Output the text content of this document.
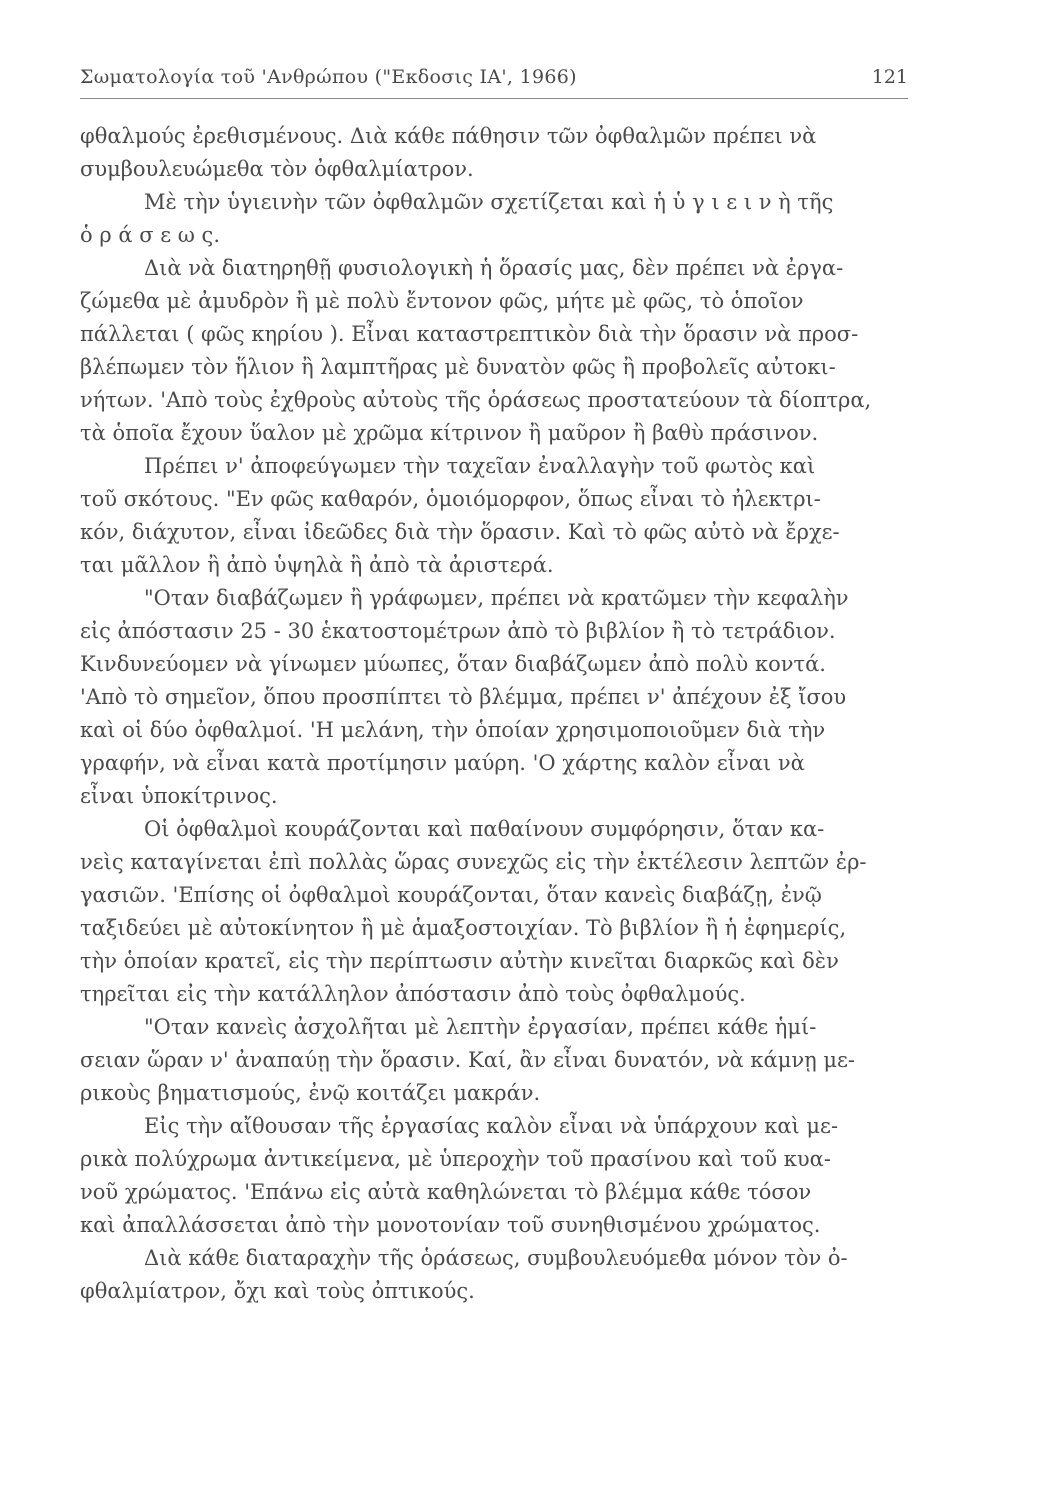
Σωματολογία τοῦ 'Ανθρώπου ("Εκδοσις ΙΑ', 1966)	121
φθαλμούς ἐρεθισμένους. Διὰ κάθε πάθησιν τῶν ὀφθαλμῶν πρέπει νὰ
συμβουλευώμεθα τὸν ὀφθαλμίατρον.
Μὲ τὴν ὑγιεινὴν τῶν ὀφθαλμῶν σχετίζεται καὶ ἡ ὑ γ ι ε ι ν ὴ τῆς
ὁ ρ ά σ ε ω ς.
Διὰ νὰ διατηρηθῇ φυσιολογικὴ ἡ ὅρασίς μας, δὲν πρέπει νὰ ἐργα-
ζώμεθα μὲ ἀμυδρὸν ἢ μὲ πολὺ ἔντονον φῶς, μήτε μὲ φῶς, τὸ ὁποῖον
πάλλεται ( φῶς κηρίου ). Εἶναι καταστρεπτικὸν διὰ τὴν ὅρασιν νὰ προσ-
βλέπωμεν τὸν ἥλιον ἢ λαμπτῆρας μὲ δυνατὸν φῶς ἢ προβολεῖς αὐτοκι-
νήτων. 'Απὸ τοὺς ἐχθροὺς αὐτοὺς τῆς ὁράσεως προστατεύουν τὰ δίοπτρα,
τὰ ὁποῖα ἔχουν ὕαλον μὲ χρῶμα κίτρινον ἢ μαῦρον ἢ βαθὺ πράσινον.
Πρέπει ν' ἀποφεύγωμεν τὴν ταχεῖαν ἐναλλαγὴν τοῦ φωτὸς καὶ
τοῦ σκότους. "Εν φῶς καθαρόν, ὁμοιόμορφον, ὅπως εἶναι τὸ ἠλεκτρι-
κόν, διάχυτον, εἶναι ἰδεῶδες διὰ τὴν ὅρασιν. Καὶ τὸ φῶς αὐτὸ νὰ ἔρχε-
ται μᾶλλον ἢ ἀπὸ ὑψηλὰ ἢ ἀπὸ τὰ ἀριστερά.
"Οταν διαβάζωμεν ἢ γράφωμεν, πρέπει νὰ κρατῶμεν τὴν κεφαλὴν
εἰς ἀπόστασιν 25 - 30 ἑκατοστομέτρων ἀπὸ τὸ βιβλίον ἢ τὸ τετράδιον.
Κινδυνεύομεν νὰ γίνωμεν μύωπες, ὅταν διαβάζωμεν ἀπὸ πολὺ κοντά.
'Απὸ τὸ σημεῖον, ὅπου προσπίπτει τὸ βλέμμα, πρέπει ν' ἀπέχουν ἐξ ἴσου
καὶ οἱ δύο ὀφθαλμοί. 'Η μελάνη, τὴν ὁποίαν χρησιμοποιοῦμεν διὰ τὴν
γραφήν, νὰ εἶναι κατὰ προτίμησιν μαύρη. 'Ο χάρτης καλὸν εἶναι νὰ
εἶναι ὑποκίτρινος.
Οἱ ὀφθαλμοὶ κουράζονται καὶ παθαίνουν συμφόρησιν, ὅταν κα-
νεὶς καταγίνεται ἐπὶ πολλὰς ὥρας συνεχῶς εἰς τὴν ἐκτέλεσιν λεπτῶν ἐρ-
γασιῶν. 'Επίσης οἱ ὀφθαλμοὶ κουράζονται, ὅταν κανεὶς διαβάζῃ, ἐνῷ
ταξιδεύει μὲ αὐτοκίνητον ἢ μὲ ἁμαξοστοιχίαν. Τὸ βιβλίον ἢ ἡ ἐφημερίς,
τὴν ὁποίαν κρατεῖ, εἰς τὴν περίπτωσιν αὐτὴν κινεῖται διαρκῶς καὶ δὲν
τηρεῖται εἰς τὴν κατάλληλον ἀπόστασιν ἀπὸ τοὺς ὀφθαλμούς.
"Οταν κανεὶς ἀσχολῆται μὲ λεπτὴν ἐργασίαν, πρέπει κάθε ἡμί-
σειαν ὥραν ν' ἀναπαύῃ τὴν ὅρασιν. Καί, ἂν εἶναι δυνατόν, νὰ κάμνῃ με-
ρικοὺς βηματισμούς, ἐνῷ κοιτάζει μακράν.
Εἰς τὴν αἴθουσαν τῆς ἐργασίας καλὸν εἶναι νὰ ὑπάρχουν καὶ με-
ρικὰ πολύχρωμα ἀντικείμενα, μὲ ὑπεροχὴν τοῦ πρασίνου καὶ τοῦ κυα-
νοῦ χρώματος. 'Επάνω εἰς αὐτὰ καθηλώνεται τὸ βλέμμα κάθε τόσον
καὶ ἀπαλλάσσεται ἀπὸ τὴν μονοτονίαν τοῦ συνηθισμένου χρώματος.
Διὰ κάθε διαταραχὴν τῆς ὁράσεως, συμβουλευόμεθα μόνον τὸν ὀ-
φθαλμίατρον, ὄχι καὶ τοὺς ὀπτικούς.
